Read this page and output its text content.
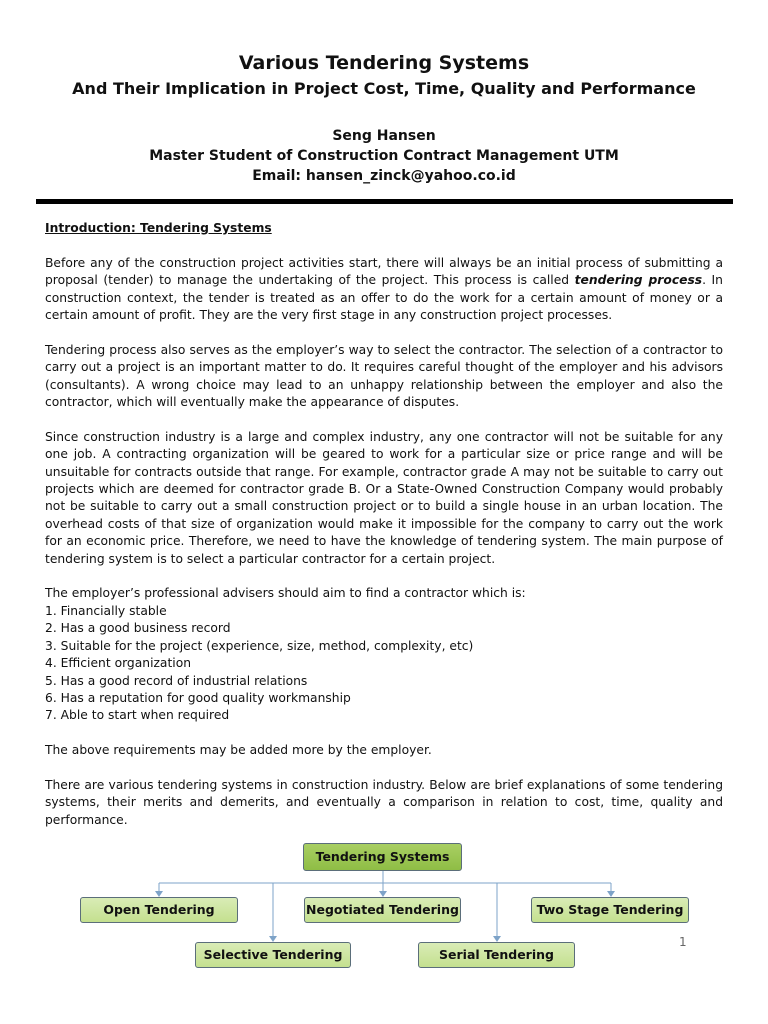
Various Tendering Systems
And Their Implication in Project Cost, Time, Quality and Performance
Seng Hansen
Master Student of Construction Contract Management UTM
Email: hansen_zinck@yahoo.co.id

Introduction: Tendering Systems

Before any of the construction project activities start, there will always be an initial process of submitting a proposal (tender) to manage the undertaking of the project. This process is called tendering process. In construction context, the tender is treated as an offer to do the work for a certain amount of money or a certain amount of profit. They are the very first stage in any construction project processes.

Tendering process also serves as the employer’s way to select the contractor. The selection of a contractor to carry out a project is an important matter to do. It requires careful thought of the employer and his advisors (consultants). A wrong choice may lead to an unhappy relationship between the employer and also the contractor, which will eventually make the appearance of disputes.

Since construction industry is a large and complex industry, any one contractor will not be suitable for any one job. A contracting organization will be geared to work for a particular size or price range and will be unsuitable for contracts outside that range. For example, contractor grade A may not be suitable to carry out projects which are deemed for contractor grade B. Or a State-Owned Construction Company would probably not be suitable to carry out a small construction project or to build a single house in an urban location. The overhead costs of that size of organization would make it impossible for the company to carry out the work for an economic price. Therefore, we need to have the knowledge of tendering system. The main purpose of tendering system is to select a particular contractor for a certain project.

The employer’s professional advisers should aim to find a contractor which is:

1. Financially stable
2. Has a good business record
3. Suitable for the project (experience, size, method, complexity, etc)
4. Efficient organization
5. Has a good record of industrial relations
6. Has a reputation for good quality workmanship
7. Able to start when required

The above requirements may be added more by the employer.

There are various tendering systems in construction industry. Below are brief explanations of some tendering systems, their merits and demerits, and eventually a comparison in relation to cost, time, quality and performance.

Tendering Systems
Open Tendering	Negotiated Tendering	Two Stage Tendering
Selective Tendering	Serial Tendering
1
